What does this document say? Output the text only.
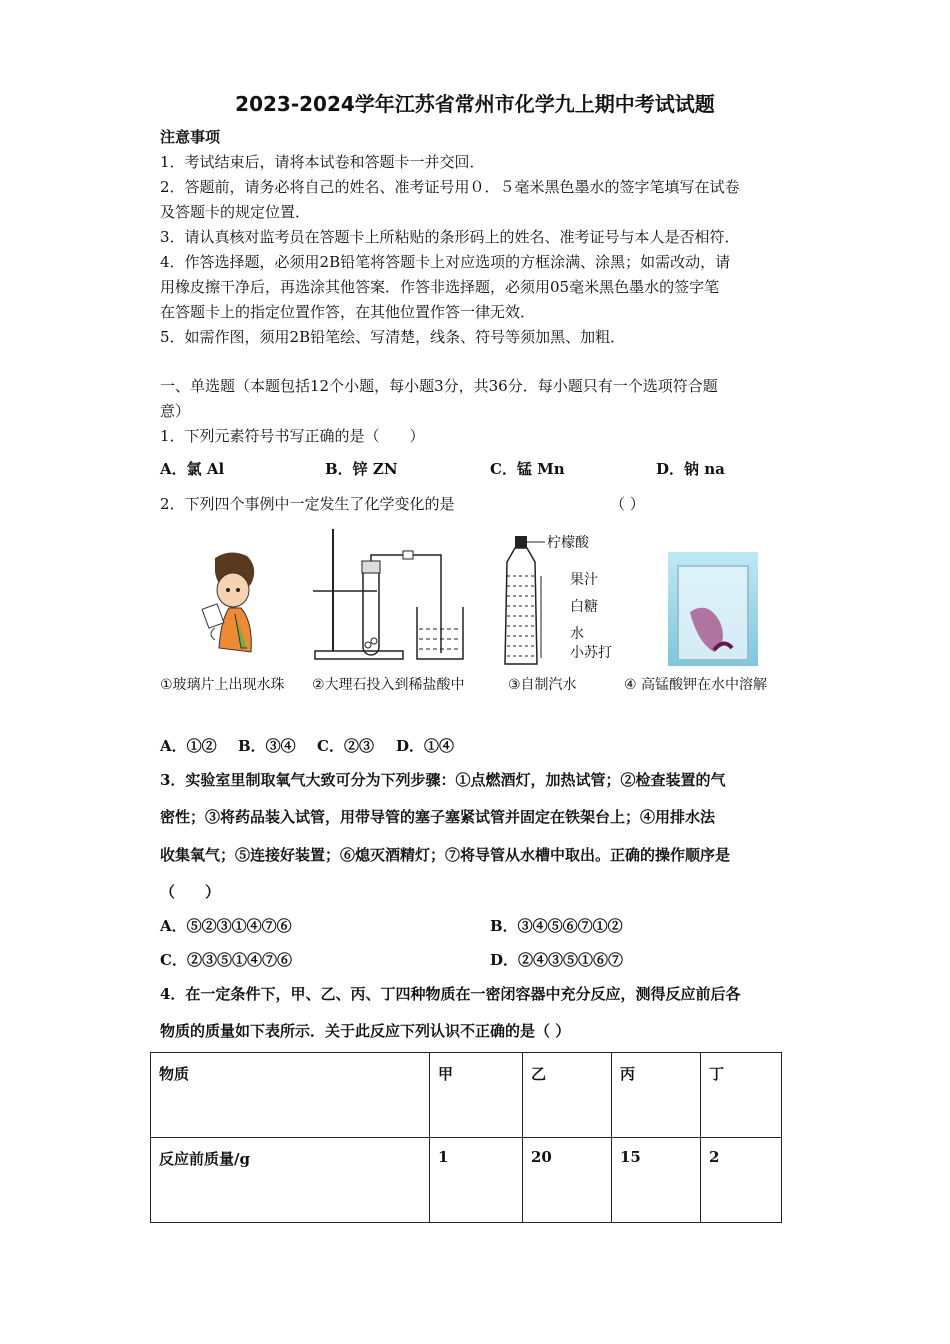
2023-2024学年江苏省常州市化学九上期中考试试题
注意事项
1．考试结束后，请将本试卷和答题卡一并交回．
2．答题前，请务必将自己的姓名、准考证号用０．５毫米黑色墨水的签字笔填写在试卷
及答题卡的规定位置．
3．请认真核对监考员在答题卡上所粘贴的条形码上的姓名、准考证号与本人是否相符．
4．作答选择题，必须用2B铅笔将答题卡上对应选项的方框涂满、涂黑；如需改动，请
用橡皮擦干净后，再选涂其他答案．作答非选择题，必须用05毫米黑色墨水的签字笔
在答题卡上的指定位置作答，在其他位置作答一律无效．
5．如需作图，须用2B铅笔绘、写清楚，线条、符号等须加黑、加粗．
一、单选题（本题包括12个小题，每小题3分，共36分．每小题只有一个选项符合题
意）
1．下列元素符号书写正确的是（　　）
A．氯 Al	B．锌 ZN	C．锰 Mn	D．钠 na
2．下列四个事例中一定发生了化学变化的是	（ ）
柠檬酸
果汁
白糖
水
小苏打
①玻璃片上出现水珠 ②大理石投入到稀盐酸中	③自制汽水	④ 高锰酸钾在水中溶解
A．①② B．③④ C．②③ D．①④
3．实验室里制取氧气大致可分为下列步骤：①点燃酒灯，加热试管；②检查装置的气
密性；③将药品装入试管，用带导管的塞子塞紧试管并固定在铁架台上；④用排水法
收集氧气；⑤连接好装置；⑥熄灭酒精灯；⑦将导管从水槽中取出。正确的操作顺序是
（　　）
A．⑤②③①④⑦⑥	B．③④⑤⑥⑦①②
C．②③⑤①④⑦⑥	D．②④③⑤①⑥⑦
4．在一定条件下，甲、乙、丙、丁四种物质在一密闭容器中充分反应，测得反应前后各
物质的质量如下表所示．关于此反应下列认识不正确的是（ ）
物质	甲	乙	丙	丁
反应前质量/g	1	20	15	2
